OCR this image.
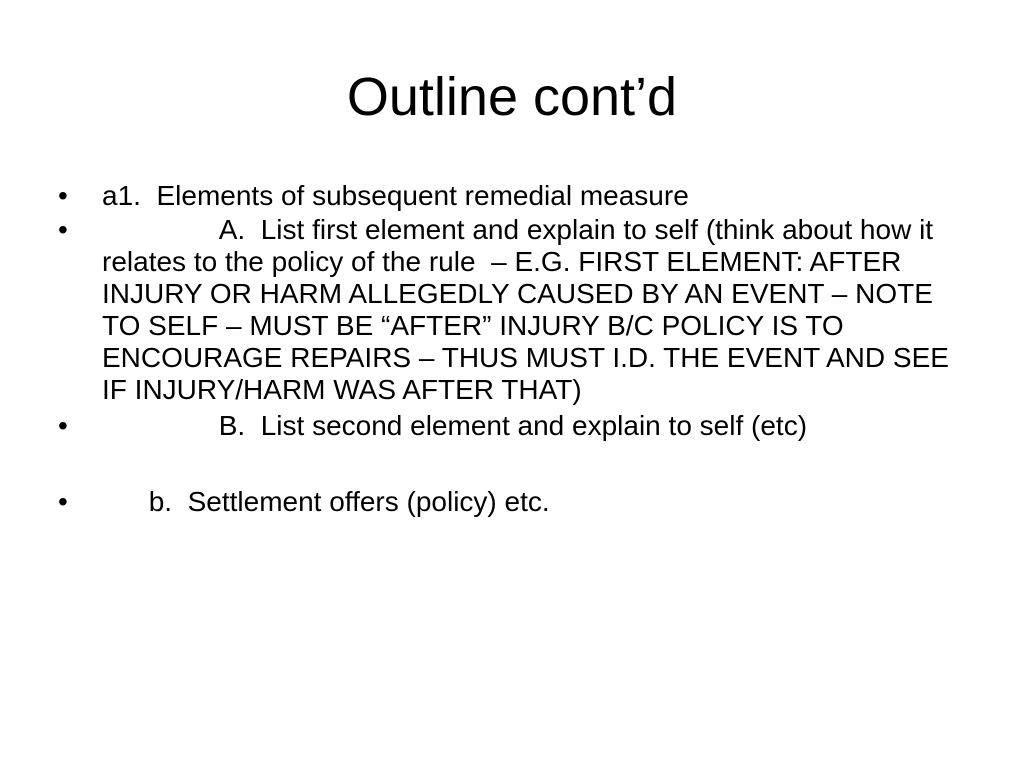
Outline cont’d
• a1.  Elements of subsequent remedial measure
•	A.  List first element and explain to self (think about how it relates to the policy of the rule  – E.G. FIRST ELEMENT: AFTER INJURY OR HARM ALLEGEDLY CAUSED BY AN EVENT – NOTE TO SELF – MUST BE “AFTER” INJURY B/C POLICY IS TO ENCOURAGE REPAIRS – THUS MUST I.D. THE EVENT AND SEE IF INJURY/HARM WAS AFTER THAT)
•	B.  List second element and explain to self (etc)
•	b.  Settlement offers (policy) etc.
